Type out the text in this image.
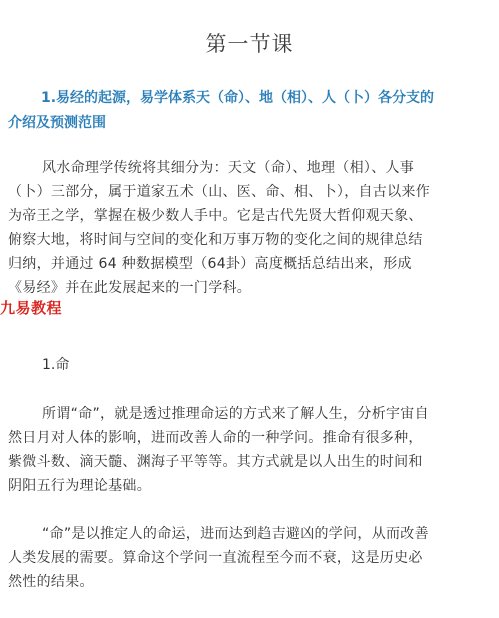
第一节课

1.易经的起源，易学体系天（命）、地（相）、人（卜）各分支的介绍及预测范围

风水命理学传统将其细分为：天文（命）、地理（相）、人事（卜）三部分，属于道家五术（山、医、命、相、卜），自古以来作为帝王之学，掌握在极少数人手中。它是古代先贤大哲仰观天象、俯察大地，将时间与空间的变化和万事万物的变化之间的规律总结归纳，并通过 64 种数据模型（64卦）高度概括总结出来，形成《易经》并在此发展起来的一门学科。

1.命

所谓“命”，就是透过推理命运的方式来了解人生，分析宇宙自然日月对人体的影响，进而改善人命的一种学问。推命有很多种，紫微斗数、滴天髓、渊海子平等等。其方式就是以人出生的时间和阴阳五行为理论基础。

“命”是以推定人的命运，进而达到趋吉避凶的学问，从而改善人类发展的需要。算命这个学问一直流程至今而不衰，这是历史必然性的结果。

九易教程
